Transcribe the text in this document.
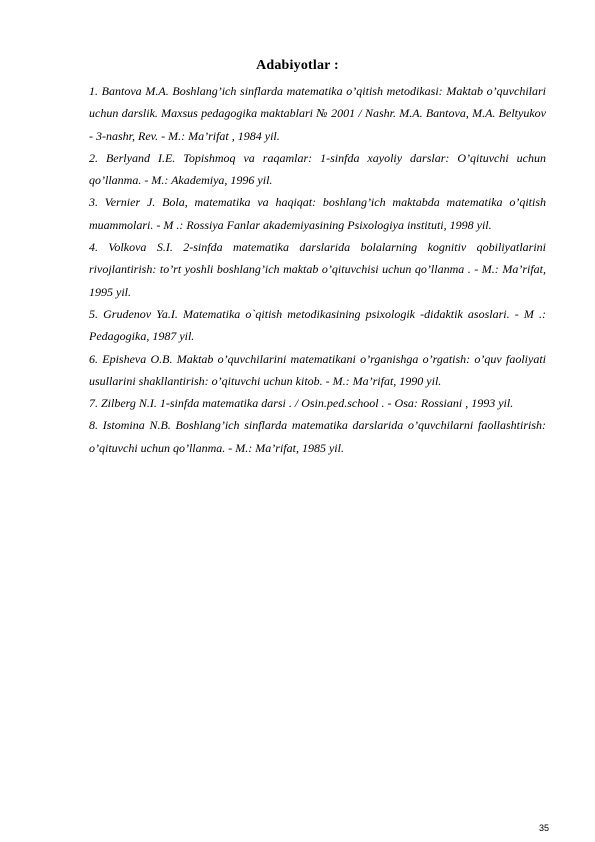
Adabiyotlar :
1. Bantova M.A. Boshlang’ich sinflarda matematika o’qitish metodikasi: Maktab o’quvchilari uchun darslik. Maxsus pedagogika maktablari № 2001 / Nashr. M.A. Bantova, M.A. Beltyukov - 3-nashr, Rev. - M.: Ma’rifat , 1984 yil.
2. Berlyand I.E. Topishmoq va raqamlar: 1-sinfda xayoliy darslar: O’qituvchi uchun qo’llanma. - M.: Akademiya, 1996 yil.
3. Vernier J. Bola, matematika va haqiqat: boshlang’ich maktabda matematika o’qitish muammolari. - M .: Rossiya Fanlar akademiyasining Psixologiya instituti, 1998 yil.
4. Volkova S.I. 2-sinfda matematika darslarida bolalarning kognitiv qobiliyatlarini rivojlantirish: to’rt yoshli boshlang’ich maktab o’qituvchisi uchun qo’llanma . - M.: Ma’rifat, 1995 yil.
5. Grudenov Ya.I. Matematika o`qitish metodikasining psixologik -didaktik asoslari. - M .: Pedagogika, 1987 yil.
6. Episheva O.B. Maktab o’quvchilarini matematikani o’rganishga o’rgatish: o’quv faoliyati usullarini shakllantirish: o’qituvchi uchun kitob. - M.: Ma’rifat, 1990 yil.
7. Zilberg N.I. 1-sinfda matematika darsi . / Osin.ped.school . - Osa: Rossiani , 1993 yil.
8. Istomina N.B. Boshlang’ich sinflarda matematika darslarida o’quvchilarni faollashtirish: o’qituvchi uchun qo’llanma. - M.: Ma’rifat, 1985 yil.
35
